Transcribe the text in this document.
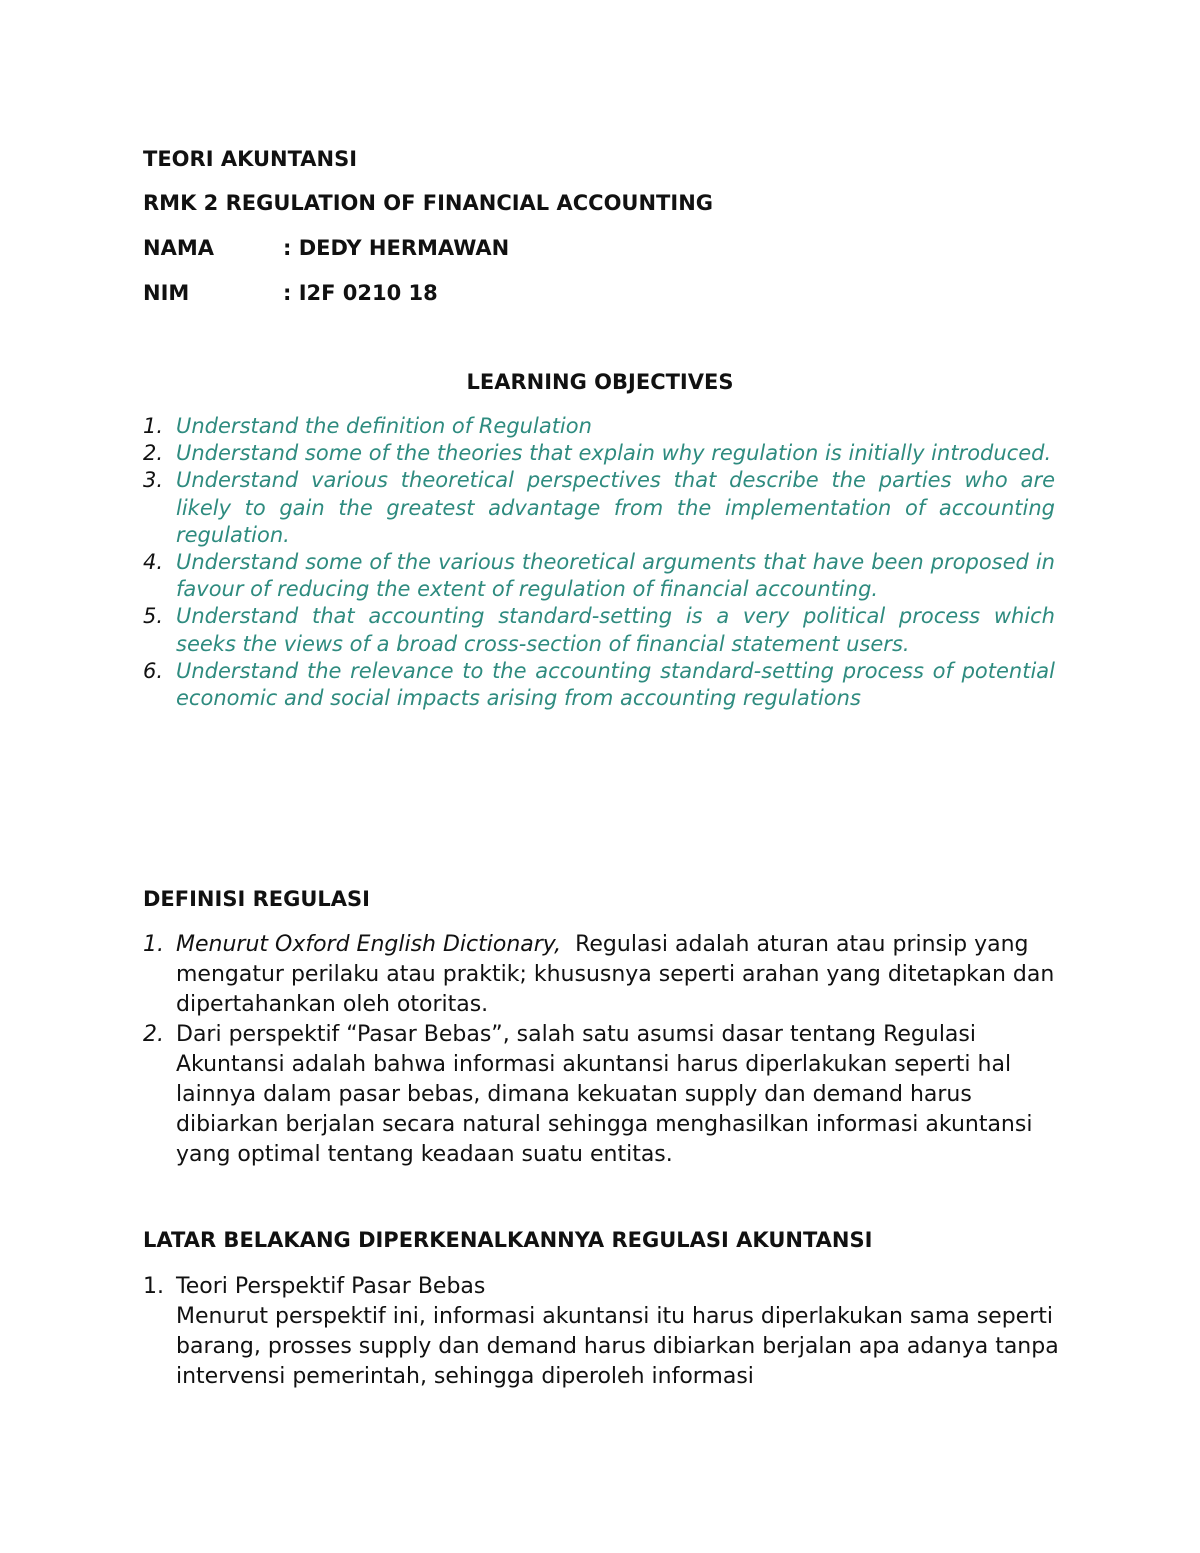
TEORI AKUNTANSI

RMK 2 REGULATION OF FINANCIAL ACCOUNTING

NAMA	: DEDY HERMAWAN

NIM	: I2F 0210 18

LEARNING OBJECTIVES
1. Understand the definition of Regulation
2. Understand some of the theories that explain why regulation is initially introduced.
3. Understand various theoretical perspectives that describe the parties who are likely to gain the greatest advantage from the implementation of accounting regulation.
4. Understand some of the various theoretical arguments that have been proposed in favour of reducing the extent of regulation of financial accounting.
5. Understand that accounting standard-setting is a very political process which seeks the views of a broad cross-section of financial statement users.
6. Understand the relevance to the accounting standard-setting process of potential economic and social impacts arising from accounting regulations
DEFINISI REGULASI
1. Menurut Oxford English Dictionary,  Regulasi adalah aturan atau prinsip yang mengatur perilaku atau praktik; khususnya seperti arahan yang ditetapkan dan dipertahankan oleh otoritas.
2. Dari perspektif “Pasar Bebas”, salah satu asumsi dasar tentang Regulasi Akuntansi adalah bahwa informasi akuntansi harus diperlakukan seperti hal lainnya dalam pasar bebas, dimana kekuatan supply dan demand harus dibiarkan berjalan secara natural sehingga menghasilkan informasi akuntansi yang optimal tentang keadaan suatu entitas.
LATAR BELAKANG DIPERKENALKANNYA REGULASI AKUNTANSI
1. Teori Perspektif Pasar Bebas
Menurut perspektif ini, informasi akuntansi itu harus diperlakukan sama seperti barang, prosses supply dan demand harus dibiarkan berjalan apa adanya tanpa intervensi pemerintah, sehingga diperoleh informasi
